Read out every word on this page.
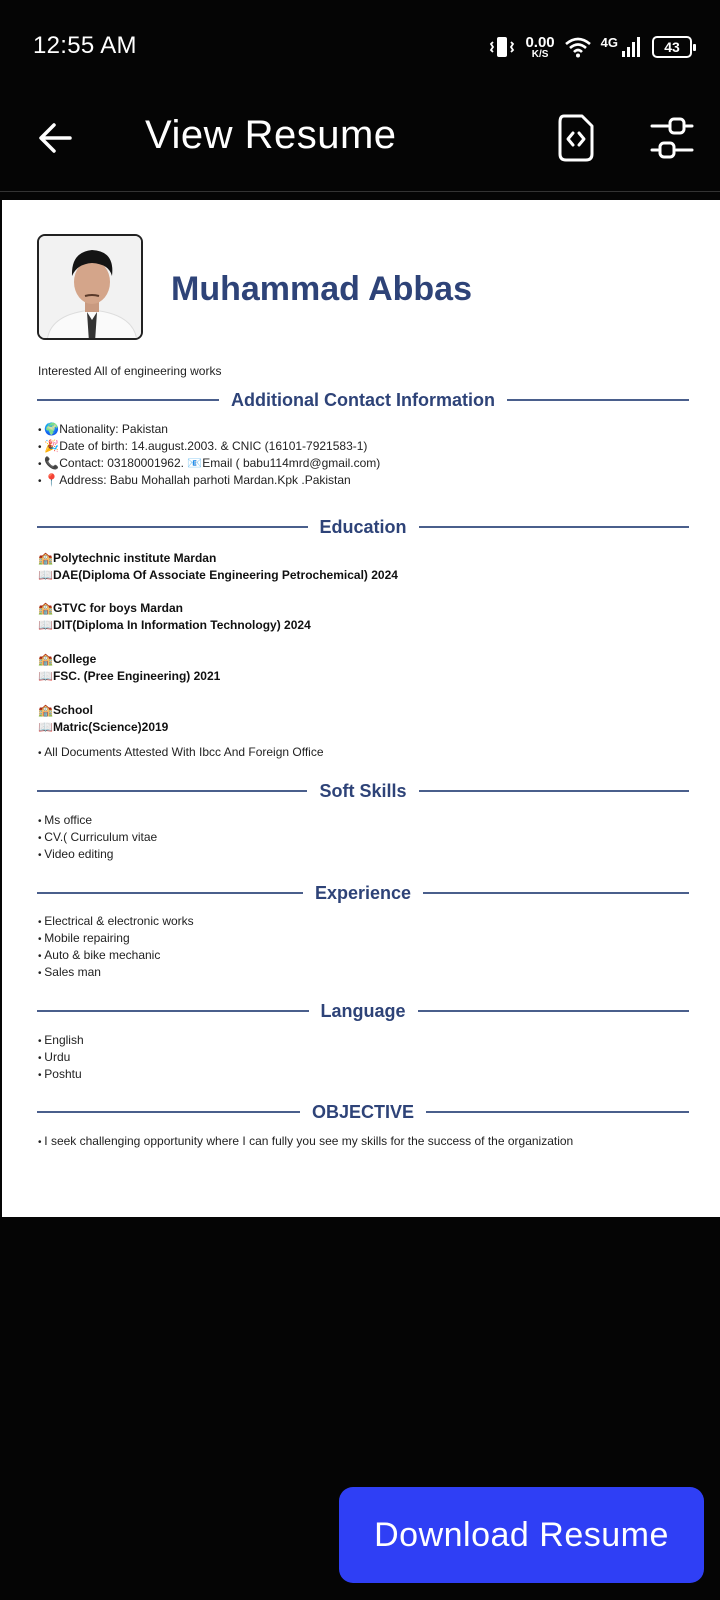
12:55 AM	0.00
K/S
4G	43
View Resume
Muhammad Abbas
Interested All of engineering works
Additional Contact Information
• 🌍Nationality: Pakistan
• 🎉Date of birth: 14.august.2003. & CNIC (16101-7921583-1)
• 📞Contact: 03180001962. 📧Email ( babu114mrd@gmail.com)
• 📍Address: Babu Mohallah parhoti Mardan.Kpk .Pakistan
Education
🏫Polytechnic institute Mardan
📖DAE(Diploma Of Associate Engineering Petrochemical) 2024
🏫GTVC for boys Mardan
📖DIT(Diploma In Information Technology) 2024
🏫College
📖FSC. (Pree Engineering) 2021
🏫School
📖Matric(Science)2019
• All Documents Attested With Ibcc And Foreign Office
Soft Skills
• Ms office
• CV.( Curriculum vitae
• Video editing
Experience
• Electrical & electronic works
• Mobile repairing
• Auto & bike mechanic
• Sales man
Language
• English
• Urdu
• Poshtu
OBJECTIVE
• I seek challenging opportunity where I can fully you see my skills for the success of the organization
Download Resume
